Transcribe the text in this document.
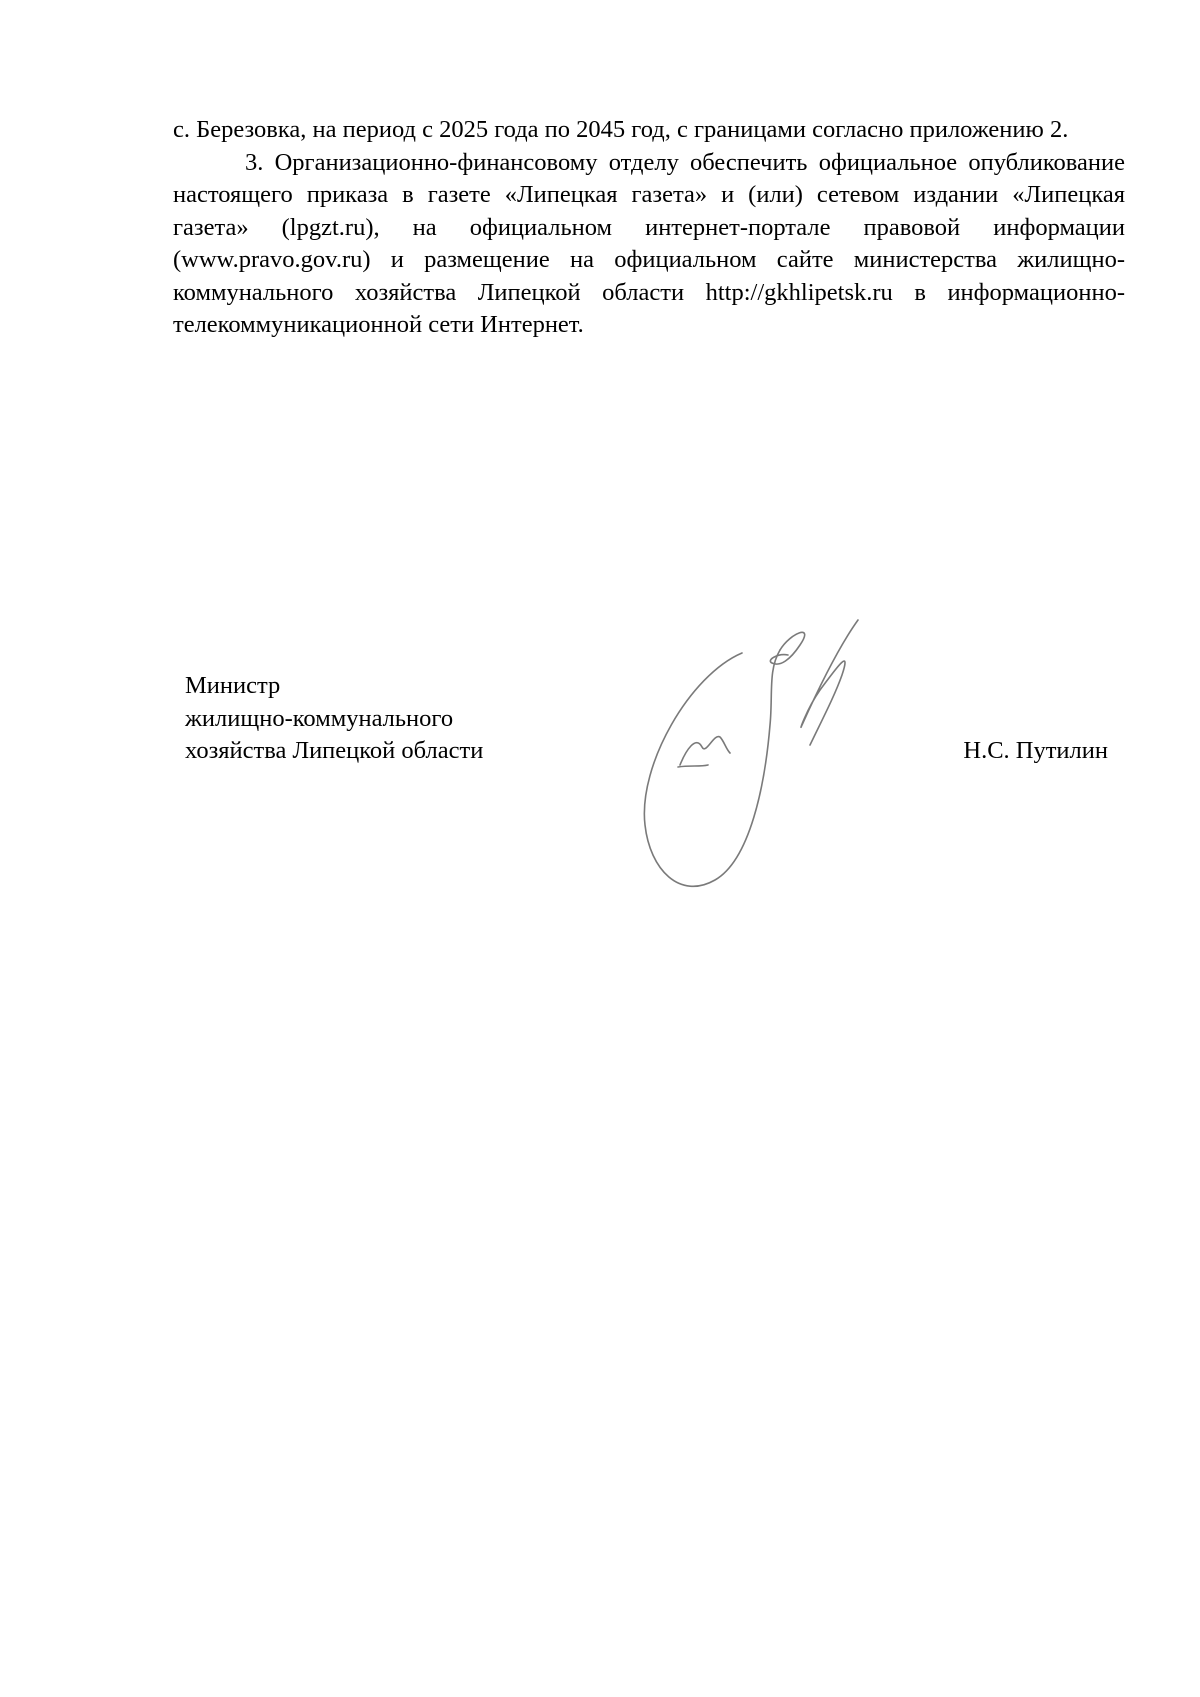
с. Березовка, на период с 2025 года по 2045 год, с границами согласно приложению 2.

3. Организационно-финансовому отделу обеспечить официальное опубликование настоящего приказа в газете «Липецкая газета» и (или) сетевом издании «Липецкая газета» (lpgzt.ru), на официальном интернет-портале правовой информации (www.pravo.gov.ru) и размещение на официальном сайте министерства жилищно-коммунального хозяйства Липецкой области http://gkhlipetsk.ru в информационно-телекоммуникационной сети Интернет.

Министр
жилищно-коммунального
хозяйства Липецкой области	Н.С. Путилин
